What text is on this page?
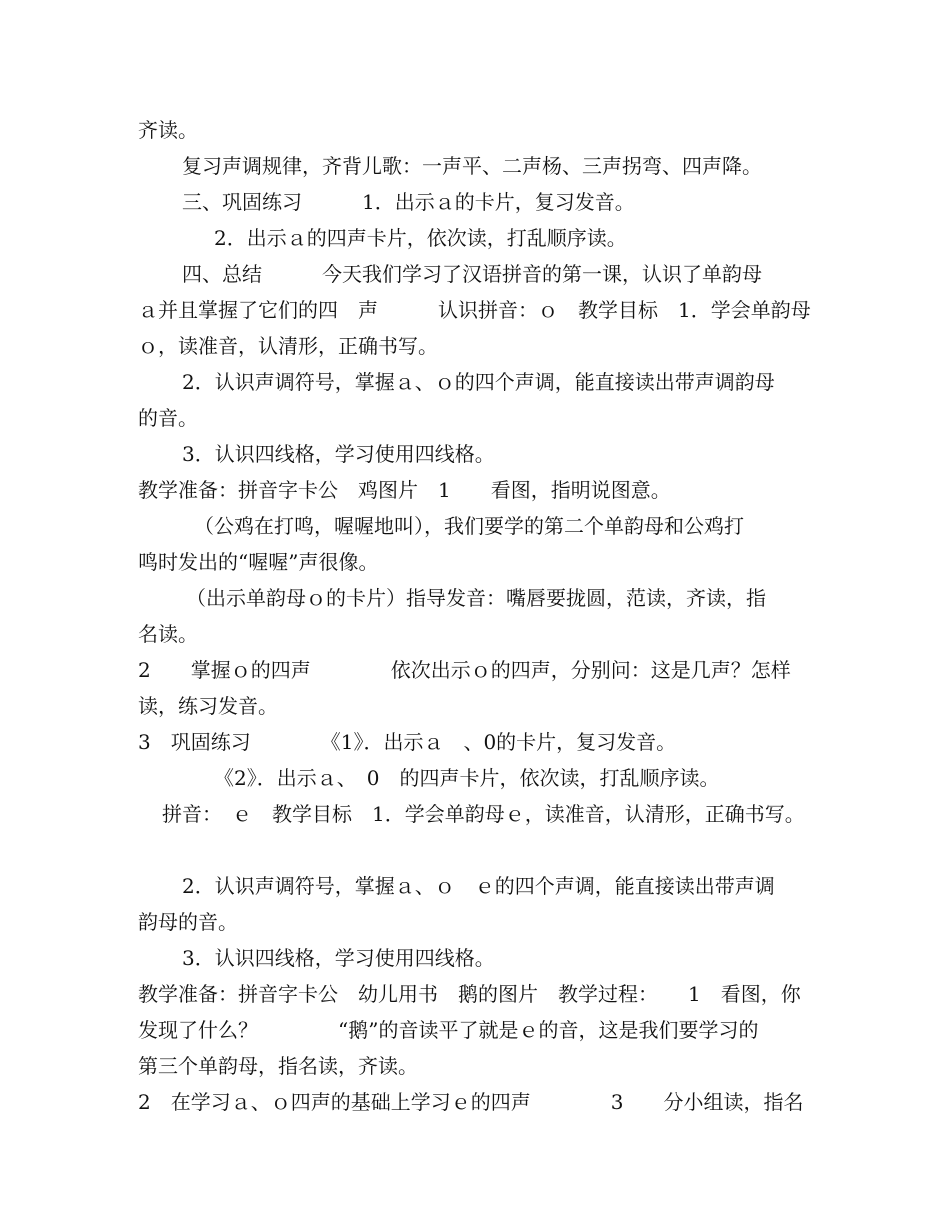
齐读。
复习声调规律，齐背儿歌：一声平、二声杨、三声拐弯、四声降。
三、巩固练习　　　1．出示ａ的卡片，复习发音。
2．出示ａ的四声卡片，依次读，打乱顺序读。
四、总结　　　今天我们学习了汉语拼音的第一课，认识了单韵母
ａ并且掌握了它们的四　声　　　认识拼音：ｏ　教学目标　1．学会单韵母
ｏ，读准音，认清形，正确书写。
2．认识声调符号，掌握ａ、ｏ的四个声调，能直接读出带声调韵母
的音。
3．认识四线格，学习使用四线格。
教学准备：拼音字卡公　鸡图片　1　　看图，指明说图意。
（公鸡在打鸣，喔喔地叫），我们要学的第二个单韵母和公鸡打
鸣时发出的“喔喔”声很像。
（出示单韵母ｏ的卡片）指导发音：嘴唇要拢圆，范读，齐读，指
名读。
2　　掌握ｏ的四声　　　　依次出示ｏ的四声，分别问：这是几声？怎样
读，练习发音。
3　巩固练习　　　　《1》．出示ａ　、0的卡片，复习发音。
《2》．出示ａ、　0　的四声卡片，依次读，打乱顺序读。
拼音：　ｅ　教学目标　1．学会单韵母ｅ，读准音，认清形，正确书写。
2．认识声调符号，掌握ａ、ｏ　ｅ的四个声调，能直接读出带声调
韵母的音。
3．认识四线格，学习使用四线格。
教学准备：拼音字卡公　幼儿用书　鹅的图片　教学过程：　　1　看图，你
发现了什么？　　　　“鹅”的音读平了就是ｅ的音，这是我们要学习的
第三个单韵母，指名读，齐读。
2　在学习ａ、ｏ四声的基础上学习ｅ的四声　　　　3　　分小组读，指名
